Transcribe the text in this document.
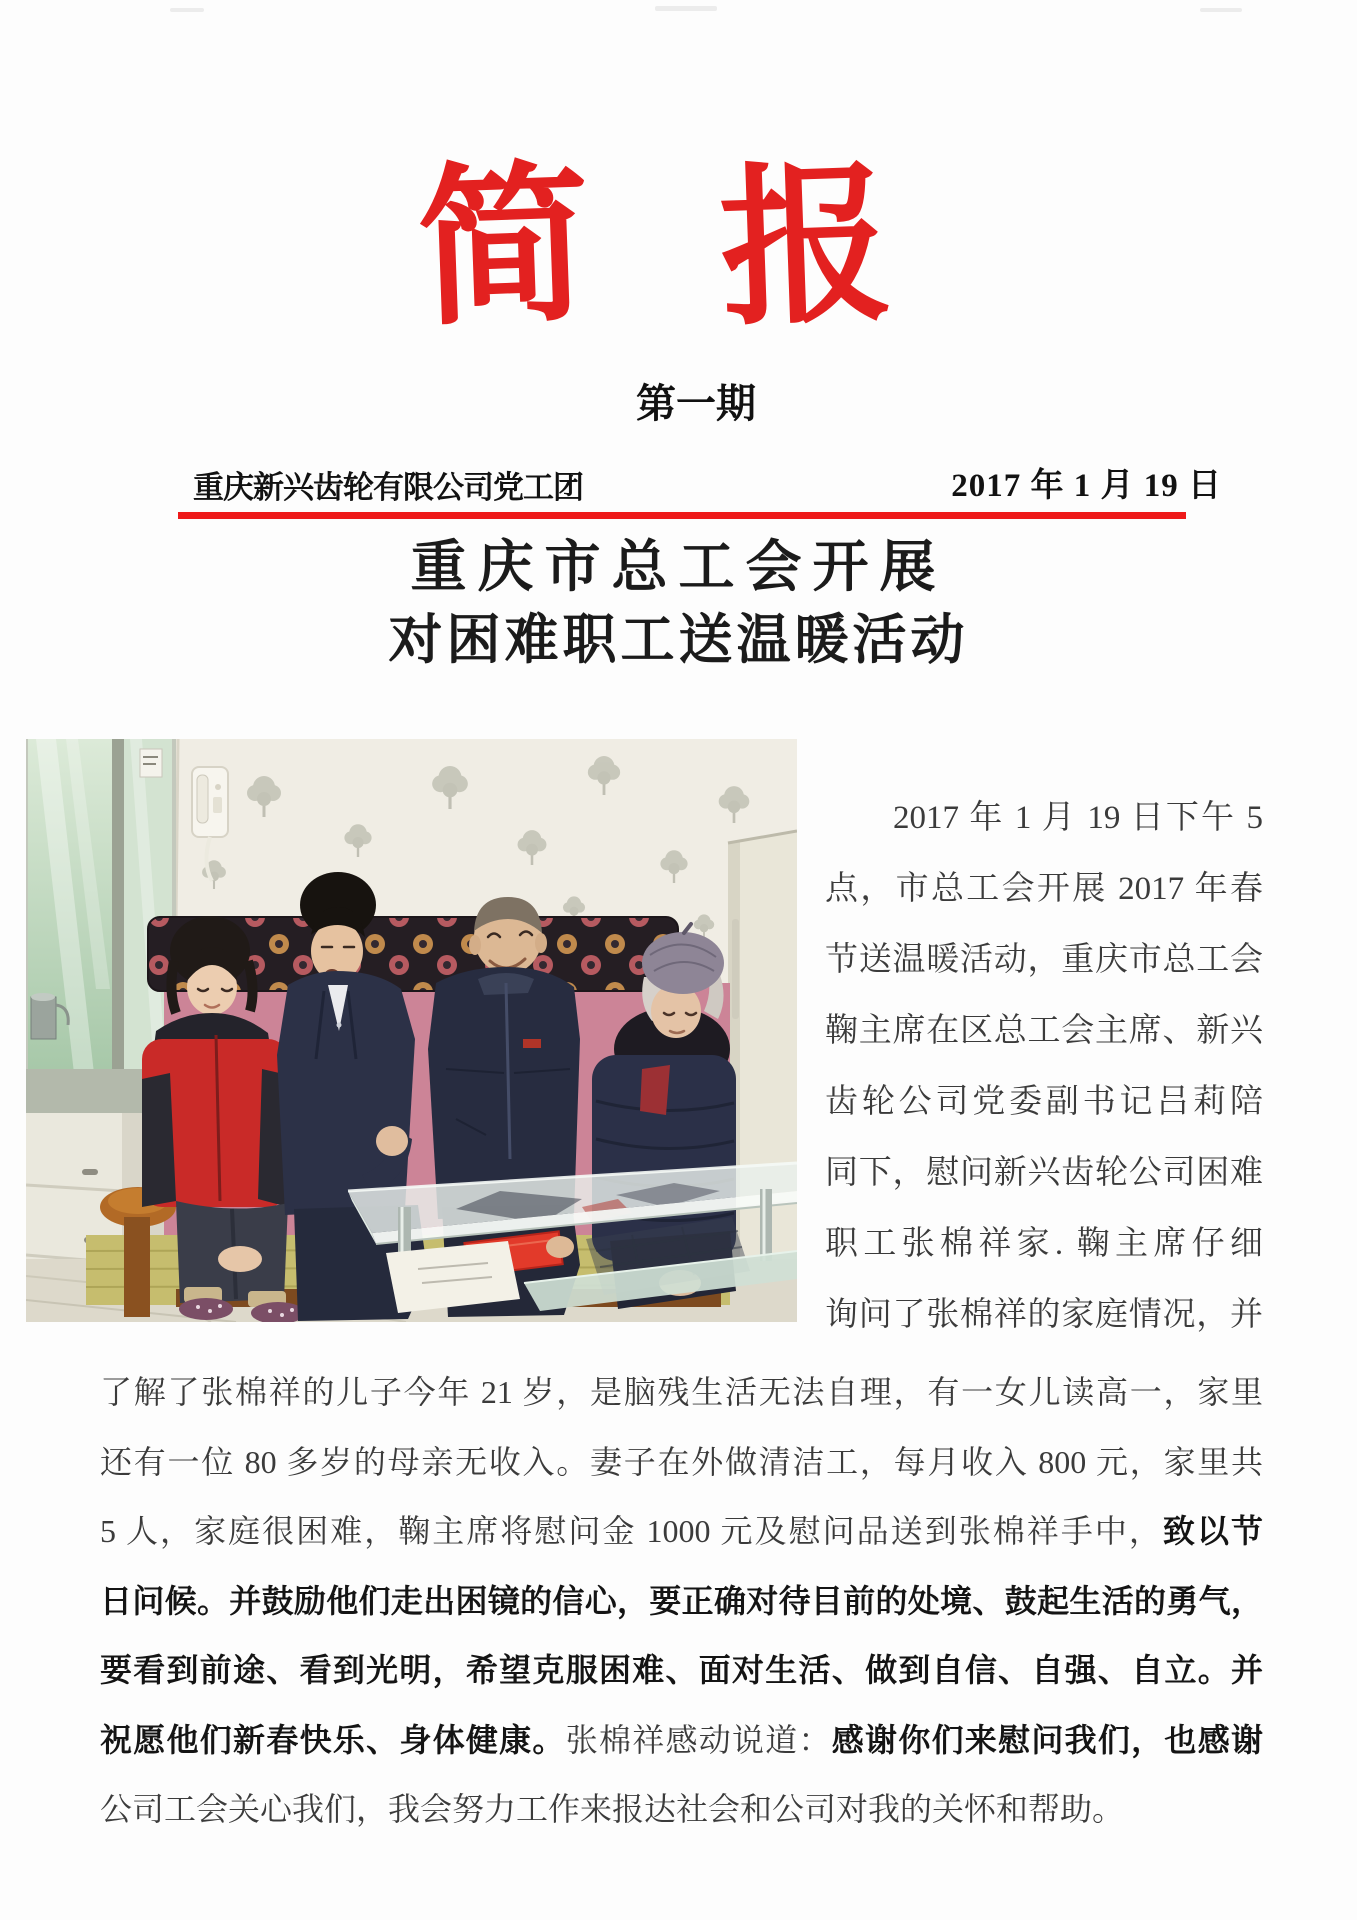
简 报
第一期
重庆新兴齿轮有限公司党工团	2017 年 1 月 19 日
重庆市总工会开展
对困难职工送温暖活动
2017 年 1 月 19 日下午 5
点，市总工会开展 2017 年春
节送温暖活动，重庆市总工会
鞠主席在区总工会主席、新兴
齿轮公司党委副书记吕莉陪
同下，慰问新兴齿轮公司困难
职工张棉祥家. 鞠主席仔细
询问了张棉祥的家庭情况，并
了解了张棉祥的儿子今年 21 岁，是脑残生活无法自理，有一女儿读高一，家里
还有一位 80 多岁的母亲无收入。妻子在外做清洁工，每月收入 800 元，家里共
5 人，家庭很困难，鞠主席将慰问金 1000 元及慰问品送到张棉祥手中，致以节
日问候。并鼓励他们走出困镜的信心，要正确对待目前的处境、鼓起生活的勇气，
要看到前途、看到光明，希望克服困难、面对生活、做到自信、自强、自立。并
祝愿他们新春快乐、身体健康。张棉祥感动说道：感谢你们来慰问我们，也感谢
公司工会关心我们，我会努力工作来报达社会和公司对我的关怀和帮助。
